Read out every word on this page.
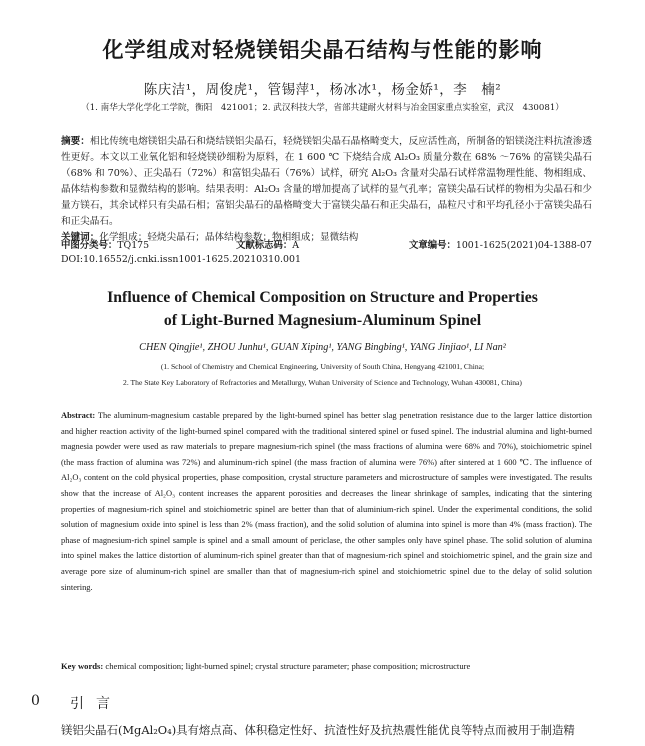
化学组成对轻烧镁铝尖晶石结构与性能的影响
陈庆洁¹，周俊虎¹，管锡萍¹，杨冰冰¹，杨金娇¹，李　楠²
（1. 南华大学化学化工学院，衡阳　421001；2. 武汉科技大学，省部共建耐火材料与冶金国家重点实验室，武汉　430081）
摘要：相比传统电熔镁铝尖晶石和烧结镁铝尖晶石，轻烧镁铝尖晶石晶格畸变大，反应活性高，所制备的铝镁浇注料抗渣渗透性更好。本文以工业氧化铝和轻烧镁砂细粉为原料，在 1 600 ℃ 下烧结合成 Al₂O₃ 质量分数在 68% ～76% 的富镁尖晶石（68% 和 70%）、正尖晶石（72%）和富铝尖晶石（76%）试样，研究 Al₂O₃ 含量对尖晶石试样常温物理性能、物相组成、晶体结构参数和显微结构的影响。结果表明：Al₂O₃ 含量的增加提高了试样的显气孔率；富镁尖晶石试样的物相为尖晶石和少量方镁石，其余试样只有尖晶石相；富铝尖晶石的晶格畸变大于富镁尖晶石和正尖晶石，晶粒尺寸和平均孔径小于富镁尖晶石和正尖晶石。
关键词：化学组成；轻烧尖晶石；晶体结构参数；物相组成；显微结构
中图分类号：TQ175	文献标志码：A	文章编号：1001-1625(2021)04-1388-07
DOI:10.16552/j.cnki.issn1001-1625.20210310.001
Influence of Chemical Composition on Structure and Properties
of Light-Burned Magnesium-Aluminum Spinel
CHEN Qingjie¹, ZHOU Junhu¹, GUAN Xiping¹, YANG Bingbing¹, YANG Jinjiao¹, LI Nan²
(1. School of Chemistry and Chemical Engineering, University of South China, Hengyang 421001, China;
2. The State Key Laboratory of Refractories and Metallurgy, Wuhan University of Science and Technology, Wuhan 430081, China)
Abstract: The aluminum-magnesium castable prepared by the light-burned spinel has better slag penetration resistance due to the larger lattice distortion and higher reaction activity of the light-burned spinel compared with the traditional sintered spinel or fused spinel. The industrial alumina and light-burned magnesia powder were used as raw materials to prepare magnesium-rich spinel (the mass fractions of alumina were 68% and 70%), stoichiometric spinel (the mass fraction of alumina was 72%) and aluminum-rich spinel (the mass fraction of alumina were 76%) after sintered at 1 600 ℃. The influence of Al₂O₃ content on the cold physical properties, phase composition, crystal structure parameters and microstructure of samples were investigated. The results show that the increase of Al₂O₃ content increases the apparent porosities and decreases the linear shrinkage of samples, indicating that the sintering properties of magnesium-rich spinel and stoichiometric spinel are better than that of aluminium-rich spinel. Under the experimental conditions, the solid solution of magnesium oxide into spinel is less than 2% (mass fraction), and the solid solution of alumina into spinel is more than 4% (mass fraction). The phase of magnesium-rich spinel sample is spinel and a small amount of periclase, the other samples only have spinel phase. The solid solution of alumina into spinel makes the lattice distortion of aluminum-rich spinel greater than that of magnesium-rich spinel and stoichiometric spinel, and the grain size and average pore size of aluminum-rich spinel are smaller than that of magnesium-rich spinel and stoichiometric spinel due to the delay of solid solution sintering.
Key words: chemical composition; light-burned spinel; crystal structure parameter; phase composition; microstructure
0 引言
镁铝尖晶石(MgAl₂O₄)具有熔点高、体积稳定性好、抗渣性好及抗热震性能优良等特点而被用于制造精
